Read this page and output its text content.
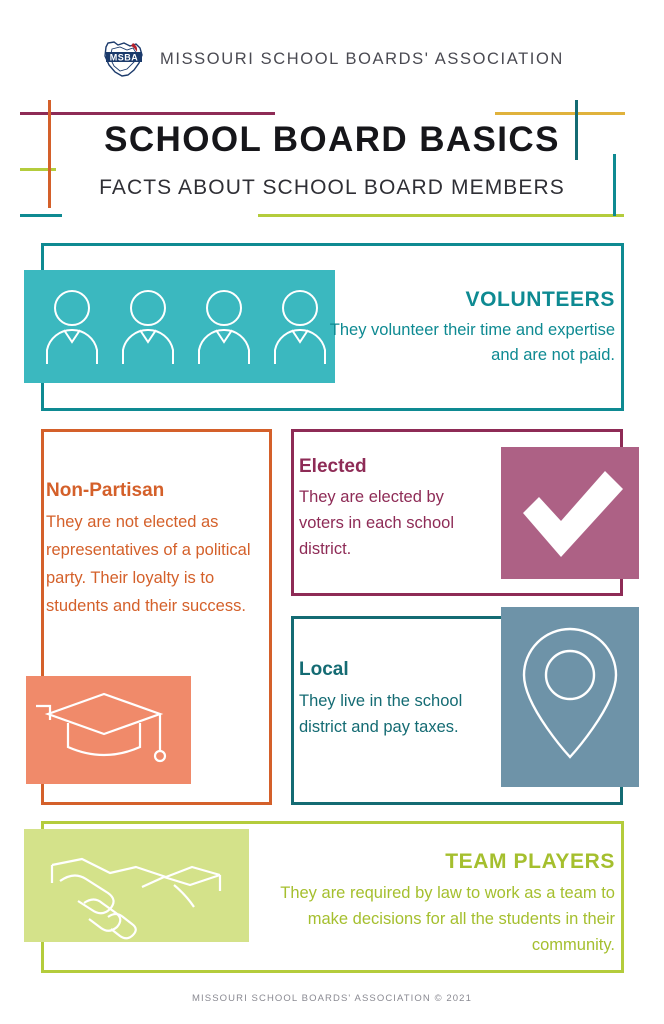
MSBA MISSOURI SCHOOL BOARDS' ASSOCIATION
SCHOOL BOARD BASICS
FACTS ABOUT SCHOOL BOARD MEMBERS
VOLUNTEERS
They volunteer their time and expertise and are not paid.
Non-Partisan
They are not elected as representatives of a political party. Their loyalty is to students and their success.
Elected
They are elected by voters in each school district.
Local
They live in the school district and pay taxes.
TEAM PLAYERS
They are required by law to work as a team to make decisions for all the students in their community.
MISSOURI SCHOOL BOARDS' ASSOCIATION © 2021
